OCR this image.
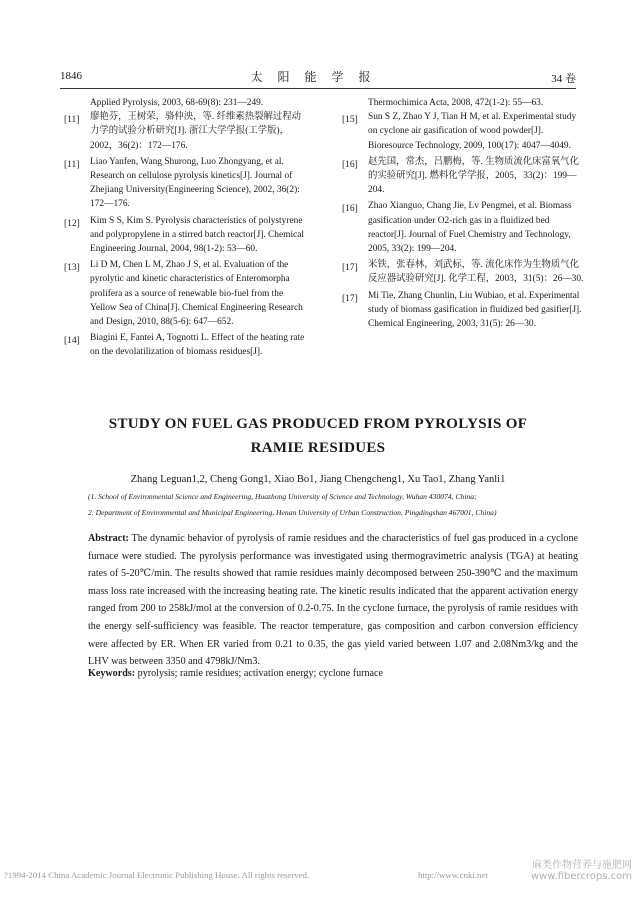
1846	太阳能学报	34 卷
Applied Pyrolysis, 2003, 68-69(8): 231—249.
[11] 廖艳芬，王树荣，骆仲泱，等. 纤维素热裂解过程动力学的试验分析研究[J]. 浙江大学学报(工学版)，2002，36(2)：172—176.
[11] Liao Yanfen, Wang Shurong, Luo Zhongyang, et al. Research on cellulose pyrolysis kinetics[J]. Journal of Zhejiang University(Engineering Science), 2002, 36(2): 172—176.
[12] Kim S S, Kim S. Pyrolysis characteristics of polystyrene and polypropylene in a stirred batch reactor[J]. Chemical Engineering Journal, 2004, 98(1-2): 53—60.
[13] Li D M, Chen L M, Zhao J S, et al. Evaluation of the pyrolytic and kinetic characteristics of Enteromorpha prolifera as a source of renewable bio-fuel from the Yellow Sea of China[J]. Chemical Engineering Research and Design, 2010, 88(5-6): 647—652.
[14] Biagini E, Fantei A, Tognotti L. Effect of the heating rate on the devolatilization of biomass residues[J].
Thermochimica Acta, 2008, 472(1-2): 55—63.
[15] Sun S Z, Zhao Y J, Tian H M, et al. Experimental study on cyclone air gasification of wood powder[J]. Bioresource Technology, 2009, 100(17): 4047—4049.
[16] 赵先国，常杰，吕鹏梅，等. 生物质流化床富氧气化的实验研究[J]. 燃料化学学报，2005，33(2)：199—204.
[16] Zhao Xianguo, Chang Jie, Lv Pengmei, et al. Biomass gasification under O2-rich gas in a fluidized bed reactor[J]. Journal of Fuel Chemistry and Technology, 2005, 33(2): 199—204.
[17] 米铁，张春林，刘武标，等. 流化床作为生物质气化反应器试验研究[J]. 化学工程，2003，31(5)：26—30.
[17] Mi Tie, Zhang Chunlin, Liu Wubiao, et al. Experimental study of biomass gasification in fluidized bed gasifier[J]. Chemical Engineering, 2003, 31(5): 26—30.
STUDY ON FUEL GAS PRODUCED FROM PYROLYSIS OF
RAMIE RESIDUES
Zhang Leguan1,2, Cheng Gong1, Xiao Bo1, Jiang Chengcheng1, Xu Tao1, Zhang Yanli1
(1. School of Environmental Science and Engineering, Huazhong University of Science and Technology, Wuhan 430074, China;
2. Department of Environmental and Municipal Engineering, Henan University of Urban Construction, Pingdingshan 467001, China)
Abstract: The dynamic behavior of pyrolysis of ramie residues and the characteristics of fuel gas produced in a cyclone furnace were studied. The pyrolysis performance was investigated using thermogravimetric analysis (TGA) at heating rates of 5-20℃/min. The results showed that ramie residues mainly decomposed between 250-390℃ and the maximum mass loss rate increased with the increasing heating rate. The kinetic results indicated that the apparent activation energy ranged from 200 to 258kJ/mol at the conversion of 0.2-0.75. In the cyclone furnace, the pyrolysis of ramie residues with the energy self-sufficiency was feasible. The reactor temperature, gas composition and carbon conversion efficiency were affected by ER. When ER varied from 0.21 to 0.35, the gas yield varied between 1.07 and 2.08Nm3/kg and the LHV was between 3350 and 4798kJ/Nm3.
Keywords: pyrolysis; ramie residues; activation energy; cyclone furnace
?1994-2014 China Academic Journal Electronic Publishing House. All rights reserved.	http://www.cnki.net
麻类作物营养与施肥网
www.fibercrops.com
